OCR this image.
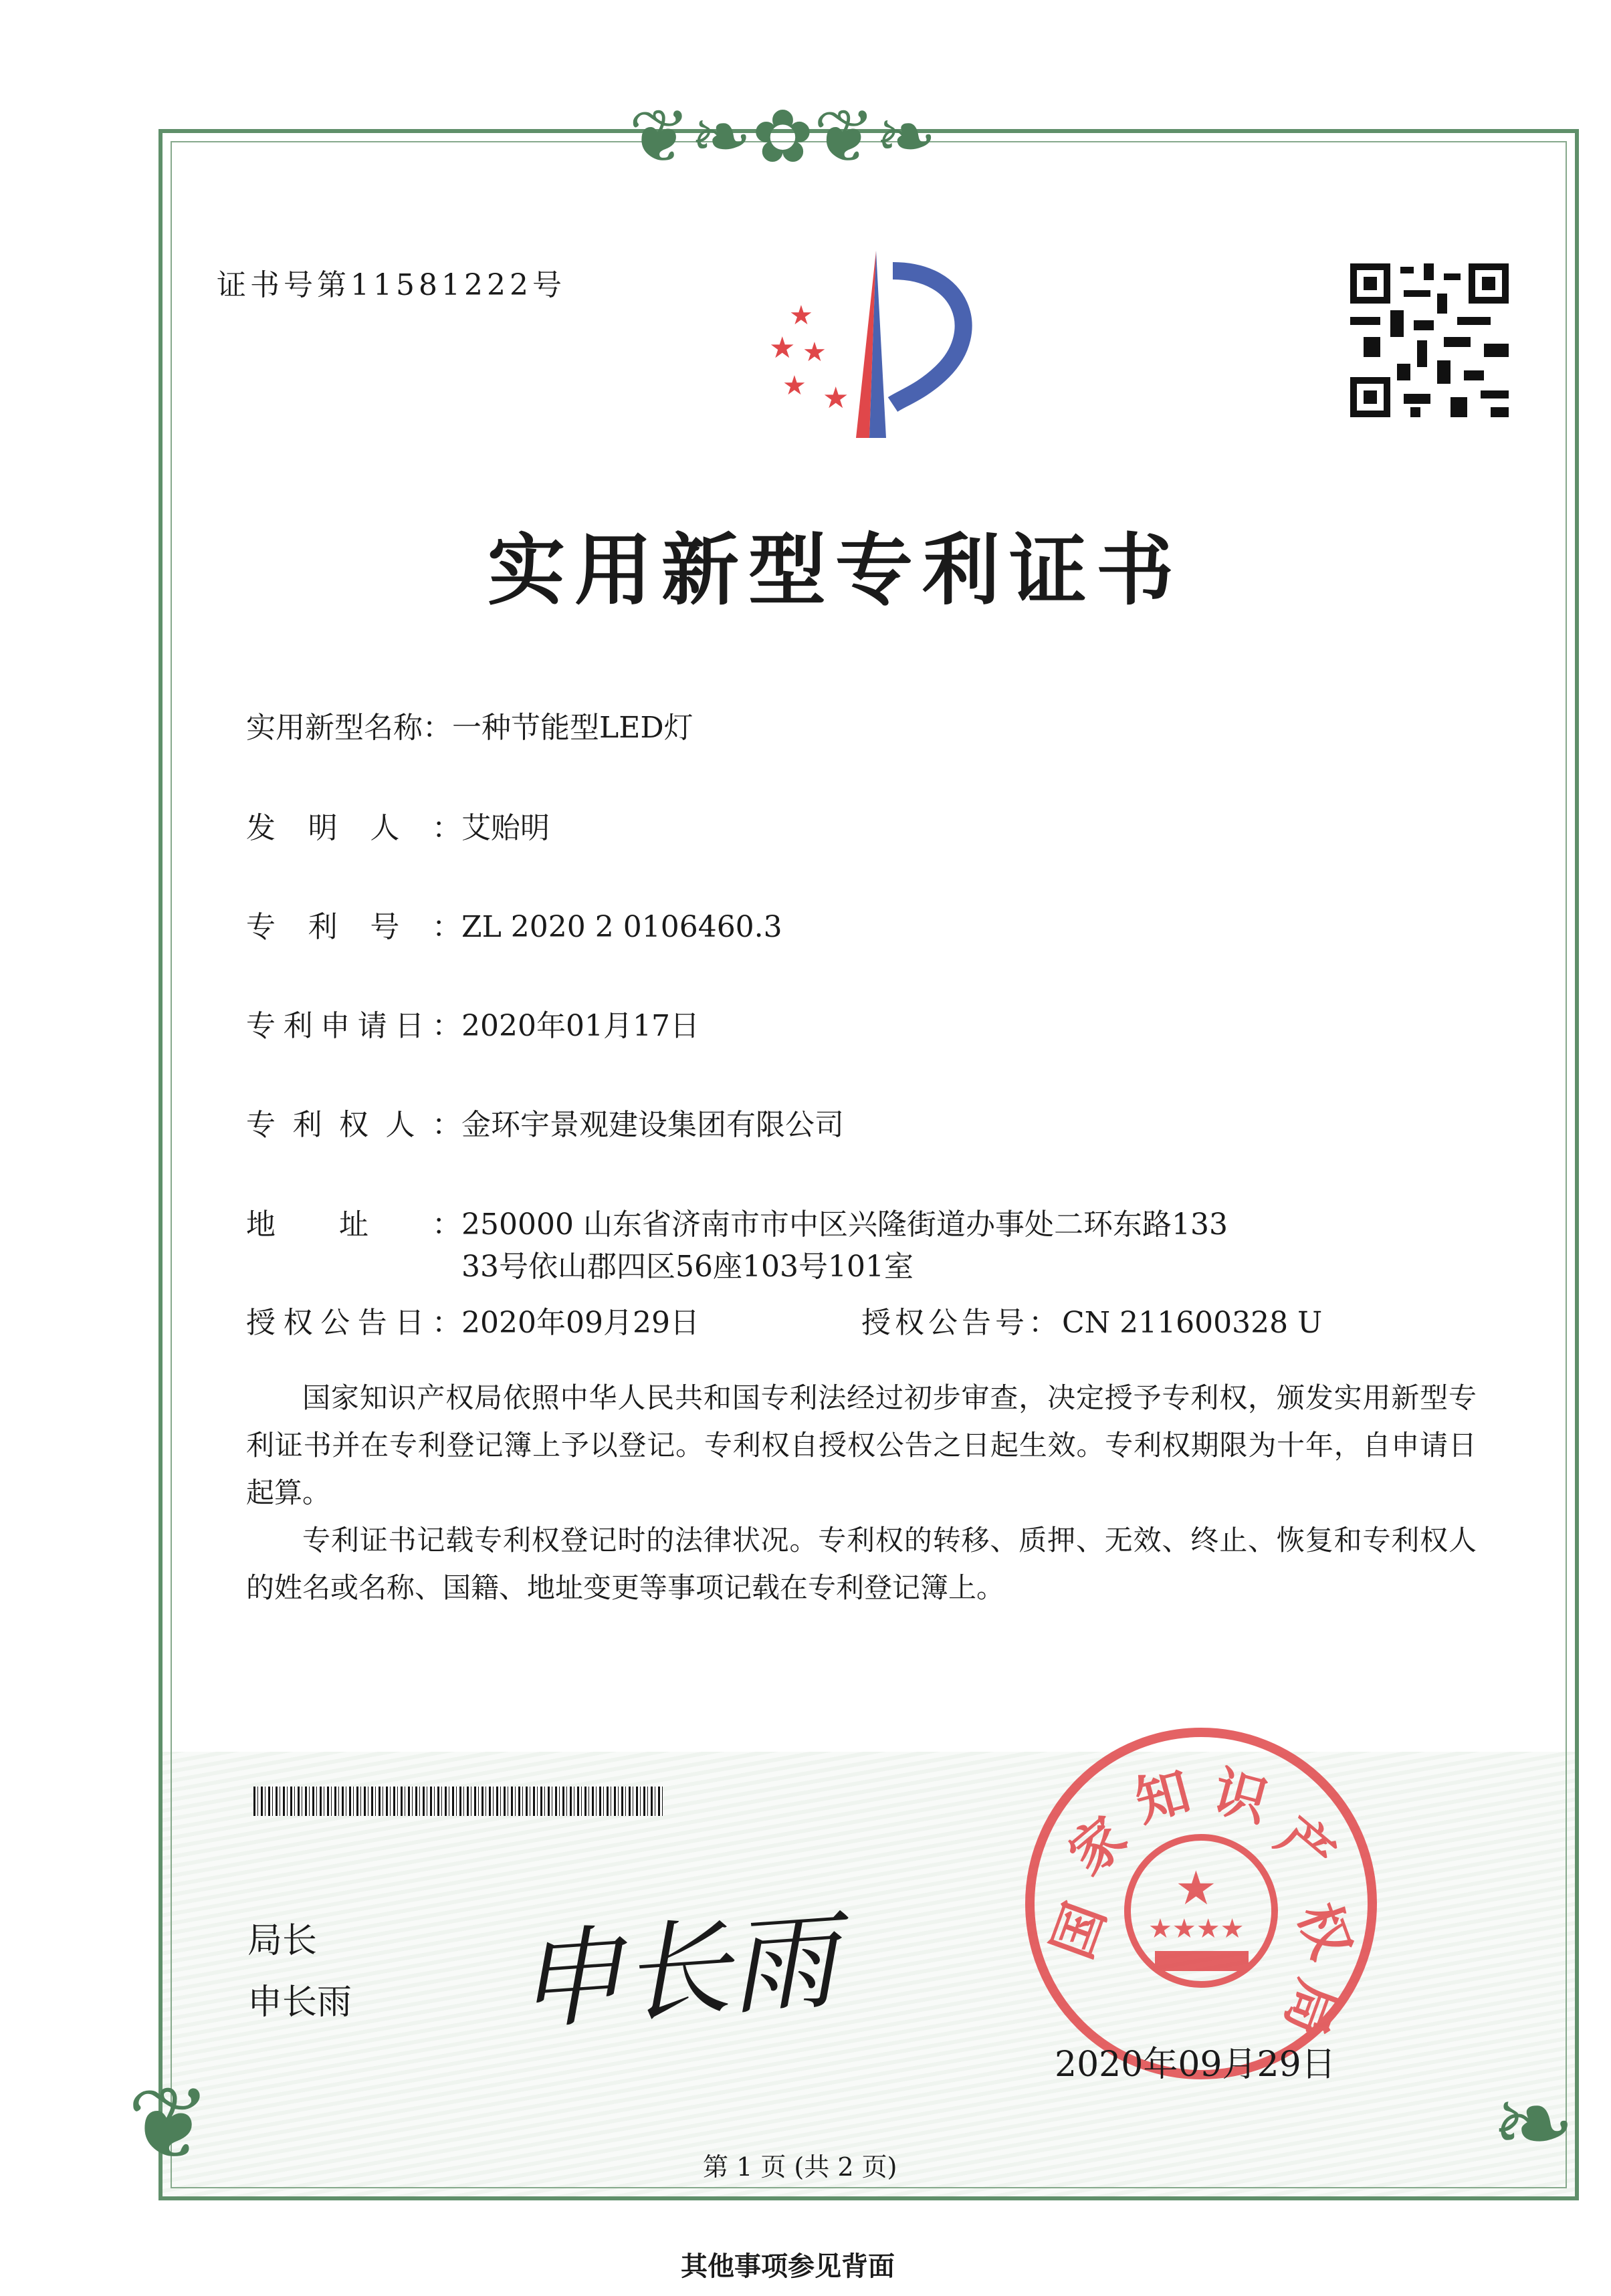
❦❧✿❦❧
❦	❧
证书号第11581222号
★
★ ★
★ ★
实用新型专利证书
实用新型名称：一种节能型LED灯
发明人：艾贻明
专利号：ZL 2020 2 0106460.3
专利申请日：2020年01月17日
专利权人：金环宇景观建设集团有限公司
地址：250000 山东省济南市市中区兴隆街道办事处二环东路133
33号依山郡四区56座103号101室
授权公告日：2020年09月29日	授权公告号：CN 211600328 U

国家知识产权局依照中华人民共和国专利法经过初步审查，决定授予专利权，颁发实用新型专利证书并在专利登记簿上予以登记。专利权自授权公告之日起生效。专利权期限为十年，自申请日起算。

专利证书记载专利权登记时的法律状况。专利权的转移、质押、无效、终止、恢复和专利权人的姓名或名称、国籍、地址变更等事项记载在专利登记簿上。

局长
申长雨 申长雨
★
★★★★
国
家
知 识
产
权
局
2020年09月29日
第 1 页 (共 2 页)
其他事项参见背面
